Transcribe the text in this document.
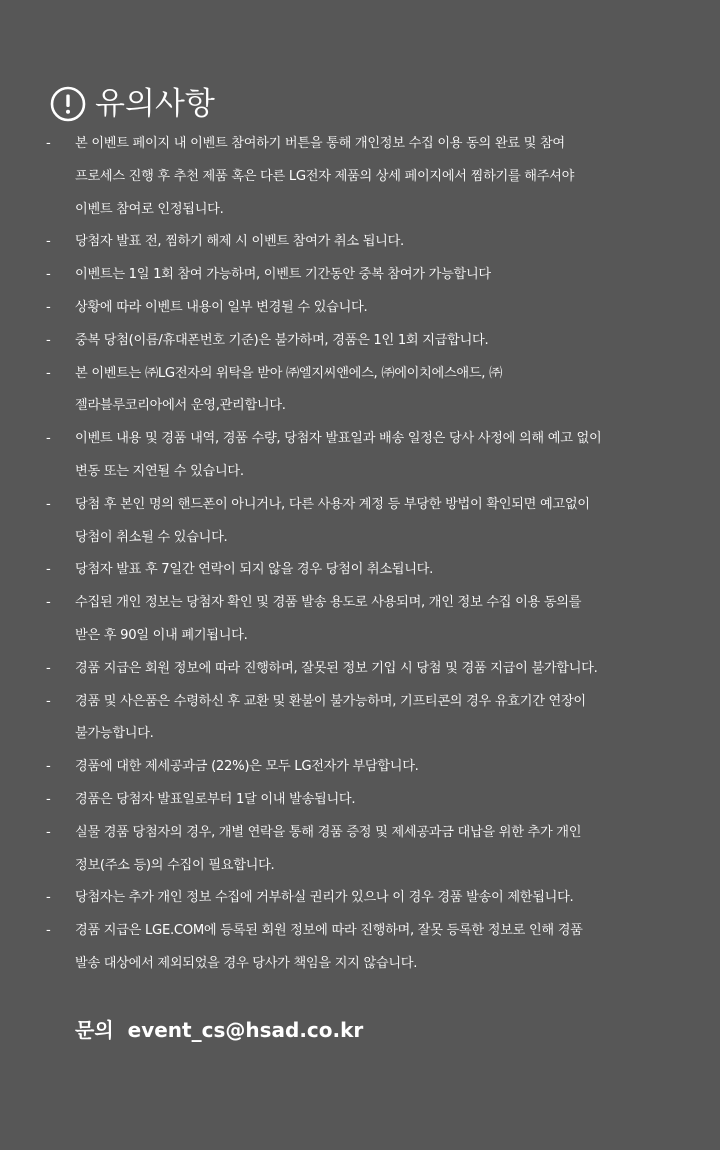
유의사항
- 본 이벤트 페이지 내 이벤트 참여하기 버튼을 통해 개인정보 수집 이용 동의 완료 및 참여
프로세스 진행 후 추천 제품 혹은 다른 LG전자 제품의 상세 페이지에서 찜하기를 해주셔야
이벤트 참여로 인정됩니다.
- 당첨자 발표 전, 찜하기 해제 시 이벤트 참여가 취소 됩니다.
- 이벤트는 1일 1회 참여 가능하며, 이벤트 기간동안 중복 참여가 가능합니다
- 상황에 따라 이벤트 내용이 일부 변경될 수 있습니다.
- 중복 당첨(이름/휴대폰번호 기준)은 불가하며, 경품은 1인 1회 지급합니다.
- 본 이벤트는 ㈜LG전자의 위탁을 받아 ㈜엘지씨앤에스, ㈜에이치에스애드, ㈜
젤라블루코리아에서 운영,관리합니다.
- 이벤트 내용 및 경품 내역, 경품 수량, 당첨자 발표일과 배송 일정은 당사 사정에 의해 예고 없이
변동 또는 지연될 수 있습니다.
- 당첨 후 본인 명의 핸드폰이 아니거나, 다른 사용자 계정 등 부당한 방법이 확인되면 예고없이
당첨이 취소될 수 있습니다.
- 당첨자 발표 후 7일간 연락이 되지 않을 경우 당첨이 취소됩니다.
- 수집된 개인 정보는 당첨자 확인 및 경품 발송 용도로 사용되며, 개인 정보 수집 이용 동의를
받은 후 90일 이내 폐기됩니다.
- 경품 지급은 회원 정보에 따라 진행하며, 잘못된 정보 기입 시 당첨 및 경품 지급이 불가합니다.
- 경품 및 사은품은 수령하신 후 교환 및 환불이 불가능하며, 기프티콘의 경우 유효기간 연장이
불가능합니다.
- 경품에 대한 제세공과금 (22%)은 모두 LG전자가 부담합니다.
- 경품은 당첨자 발표일로부터 1달 이내 발송됩니다.
- 실물 경품 당첨자의 경우, 개별 연락을 통해 경품 증정 및 제세공과금 대납을 위한 추가 개인
정보(주소 등)의 수집이 필요합니다.
- 당첨자는 추가 개인 정보 수집에 거부하실 권리가 있으나 이 경우 경품 발송이 제한됩니다.
- 경품 지급은 LGE.COM에 등록된 회원 정보에 따라 진행하며, 잘못 등록한 정보로 인해 경품
발송 대상에서 제외되었을 경우 당사가 책임을 지지 않습니다.
문의 event_cs@hsad.co.kr
